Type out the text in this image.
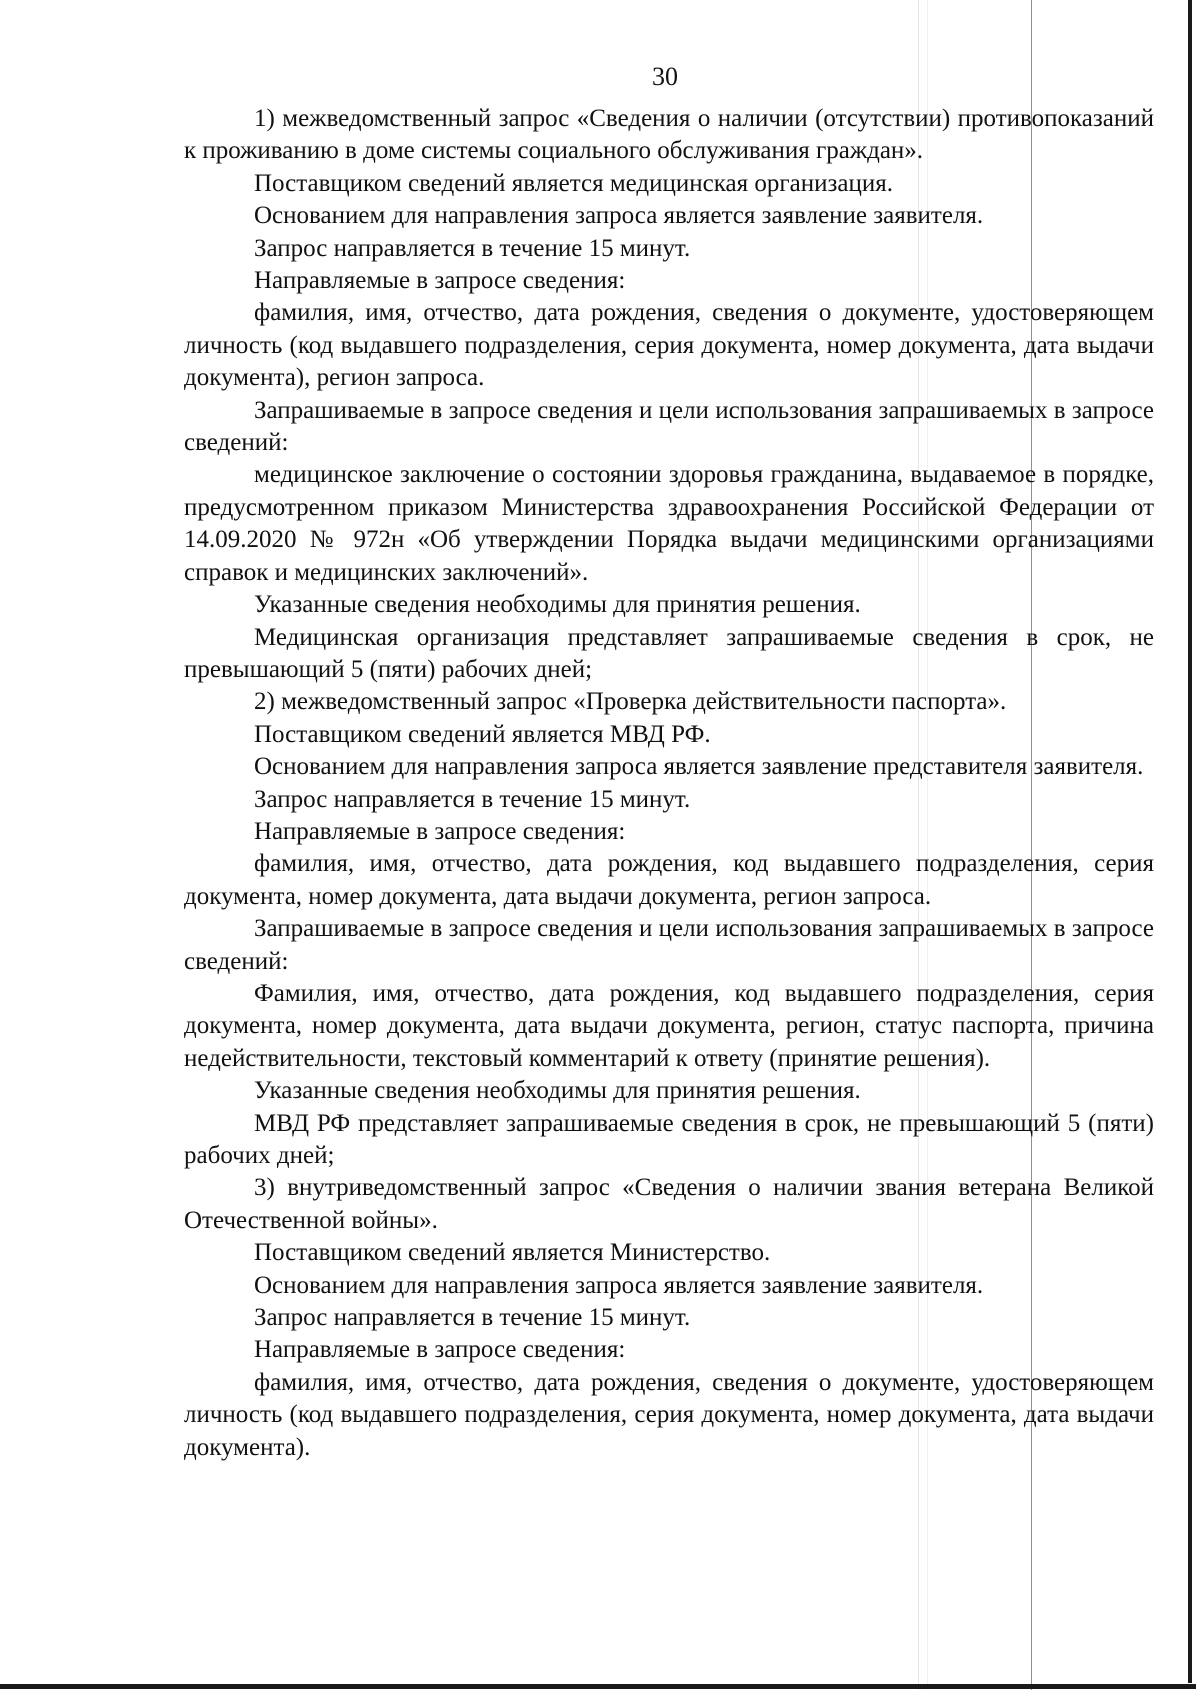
30

1) межведомственный запрос «Сведения о наличии (отсутствии) противопоказаний к проживанию в доме системы социального обслуживания граждан».

Поставщиком сведений является медицинская организация.

Основанием для направления запроса является заявление заявителя.

Запрос направляется в течение 15 минут.

Направляемые в запросе сведения:

фамилия, имя, отчество, дата рождения, сведения о документе, удостоверяющем личность (код выдавшего подразделения, серия документа, номер документа, дата выдачи документа), регион запроса.

Запрашиваемые в запросе сведения и цели использования запрашиваемых в запросе сведений:

медицинское заключение о состоянии здоровья гражданина, выдаваемое в порядке, предусмотренном приказом Министерства здравоохранения Российской Федерации от 14.09.2020 № 972н «Об утверждении Порядка выдачи медицинскими организациями справок и медицинских заключений».

Указанные сведения необходимы для принятия решения.

Медицинская организация представляет запрашиваемые сведения в срок, не превышающий 5 (пяти) рабочих дней;

2) межведомственный запрос «Проверка действительности паспорта».

Поставщиком сведений является МВД РФ.

Основанием для направления запроса является заявление представителя заявителя.

Запрос направляется в течение 15 минут.

Направляемые в запросе сведения:

фамилия, имя, отчество, дата рождения, код выдавшего подразделения, серия документа, номер документа, дата выдачи документа, регион запроса.

Запрашиваемые в запросе сведения и цели использования запрашиваемых в запросе сведений:

Фамилия, имя, отчество, дата рождения, код выдавшего подразделения, серия документа, номер документа, дата выдачи документа, регион, статус паспорта, причина недействительности, текстовый комментарий к ответу (принятие решения).

Указанные сведения необходимы для принятия решения.

МВД РФ представляет запрашиваемые сведения в срок, не превышающий 5 (пяти) рабочих дней;

3) внутриведомственный запрос «Сведения о наличии звания ветерана Великой Отечественной войны».

Поставщиком сведений является Министерство.

Основанием для направления запроса является заявление заявителя.

Запрос направляется в течение 15 минут.

Направляемые в запросе сведения:

фамилия, имя, отчество, дата рождения, сведения о документе, удостоверяющем личность (код выдавшего подразделения, серия документа, номер документа, дата выдачи документа).
